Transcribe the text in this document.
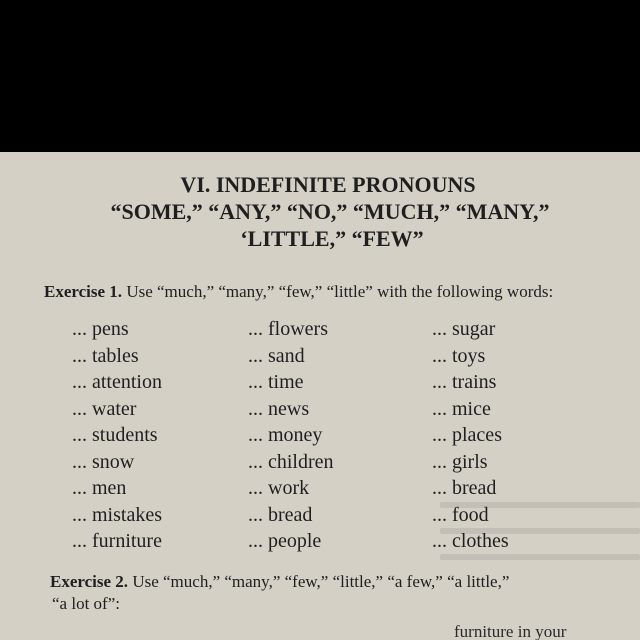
VI. INDEFINITE PRONOUNS
“SOME,” “ANY,” “NO,” “MUCH,” “MANY,”
‘LITTLE,” “FEW”
Exercise 1. Use “much,” “many,” “few,” “little” with the following words:
... pens
... tables
... attention
... water
... students
... snow
... men
... mistakes
... furniture
... flowers
... sand
... time
... news
... money
... children
... work
... bread
... people
... sugar
... toys
... trains
... mice
... places
... girls
... bread
... food
... clothes
Exercise 2. Use “much,” “many,” “few,” “little,” “a few,” “a little,”
“a lot of”:
furniture in your
